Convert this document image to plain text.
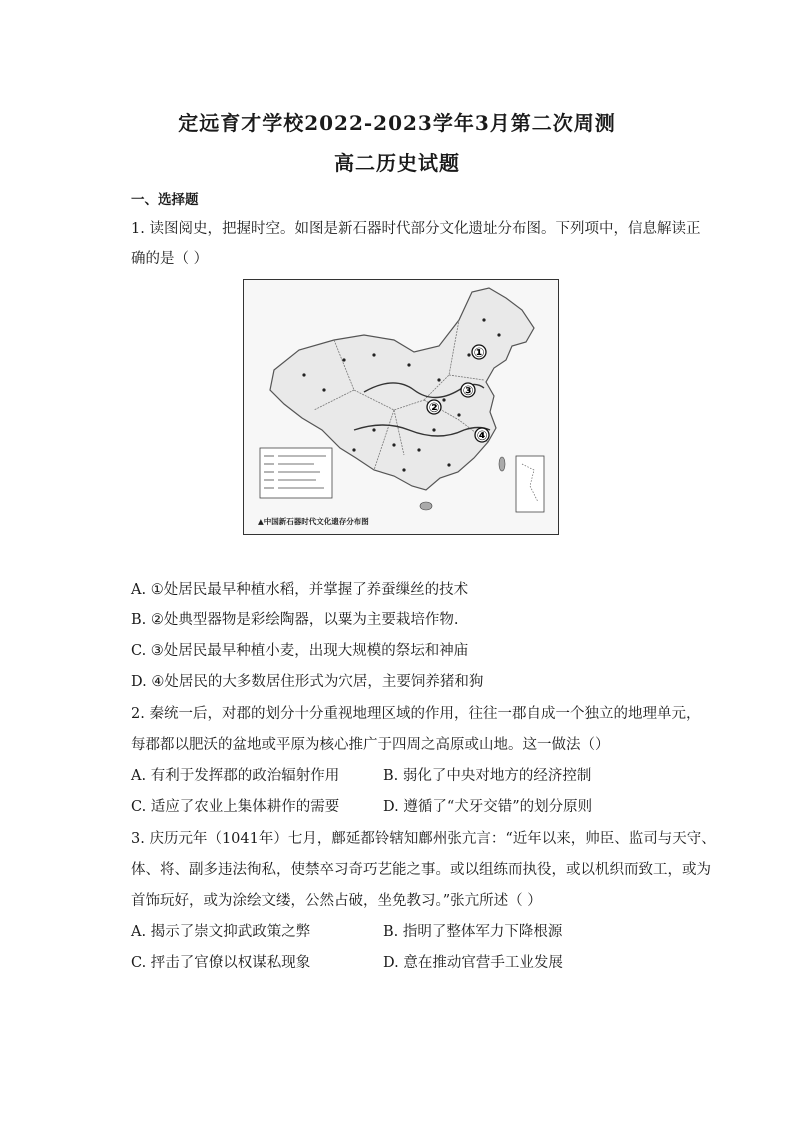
定远育才学校2022-2023学年3月第二次周测
高二历史试题
一、选择题
1. 读图阅史，把握时空。如图是新石器时代部分文化遗址分布图。下列项中，信息解读正
确的是（ ）
①
②
③
④
▲中国新石器时代文化遗存分布图
A. ①处居民最早种植水稻，并掌握了养蚕缫丝的技术
B. ②处典型器物是彩绘陶器，以粟为主要栽培作物.
C. ③处居民最早种植小麦，出现大规模的祭坛和神庙
D. ④处居民的大多数居住形式为穴居，主要饲养猪和狗
2. 秦统一后，对郡的划分十分重视地理区域的作用，往往一郡自成一个独立的地理单元，
每郡都以肥沃的盆地或平原为核心推广于四周之高原或山地。这一做法（）
A. 有利于发挥郡的政治辐射作用	B. 弱化了中央对地方的经济控制
C. 适应了农业上集体耕作的需要	D. 遵循了“犬牙交错”的划分原则
3. 庆历元年（1041年）七月，鄜延都铃辖知鄜州张亢言：“近年以来，帅臣、监司与天守、
体、将、副多违法徇私，使禁卒习奇巧艺能之事。或以组练而执役，或以机织而致工，或为
首饰玩好，或为涂绘文缕，公然占破，坐免教习。”张亢所述（ ）
A. 揭示了崇文抑武政策之弊	B. 指明了整体军力下降根源
C. 抨击了官僚以权谋私现象	D. 意在推动官营手工业发展
